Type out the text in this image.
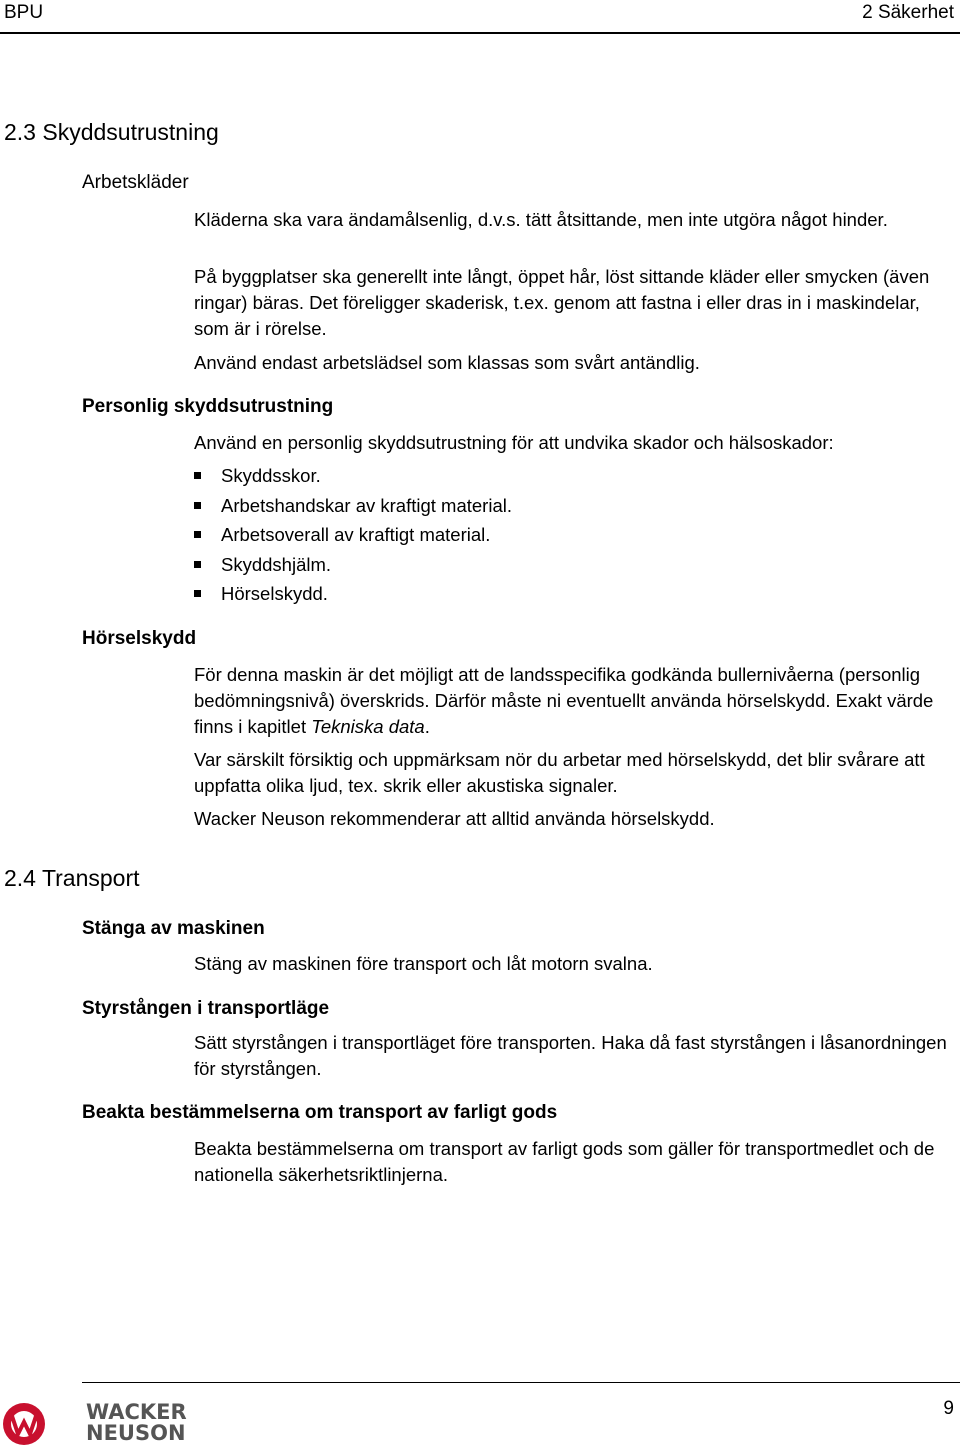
BPU	2 Säkerhet
2.3 Skyddsutrustning
Arbetskläder

Kläderna ska vara ändamålsenlig, d.v.s. tätt åtsittande, men inte utgöra något hinder.

På byggplatser ska generellt inte långt, öppet hår, löst sittande kläder eller smycken (även ringar) bäras. Det föreligger skaderisk, t.ex. genom att fastna i eller dras in i maskindelar, som är i rörelse.

Använd endast arbetslädsel som klassas som svårt antändlig.

Personlig skyddsutrustning

Använd en personlig skyddsutrustning för att undvika skador och hälsoskador:

Skyddsskor.
Arbetshandskar av kraftigt material.
Arbetsoverall av kraftigt material.
Skyddshjälm.
Hörselskydd.
Hörselskydd

För denna maskin är det möjligt att de landsspecifika godkända bullernivåerna (personlig bedömningsnivå) överskrids. Därför måste ni eventuellt använda hörselskydd. Exakt värde finns i kapitlet Tekniska data.

Var särskilt försiktig och uppmärksam nör du arbetar med hörselskydd, det blir svårare att uppfatta olika ljud, tex. skrik eller akustiska signaler.

Wacker Neuson rekommenderar att alltid använda hörselskydd.

2.4 Transport
Stänga av maskinen

Stäng av maskinen före transport och låt motorn svalna.

Styrstången i transportläge

Sätt styrstången i transportläget före transporten. Haka då fast styrstången i låsanordningen för styrstången.

Beakta bestämmelserna om transport av farligt gods

Beakta bestämmelserna om transport av farligt gods som gäller för transportmedlet och de nationella säkerhetsriktlinjerna.

WACKER
NEUSON
9
